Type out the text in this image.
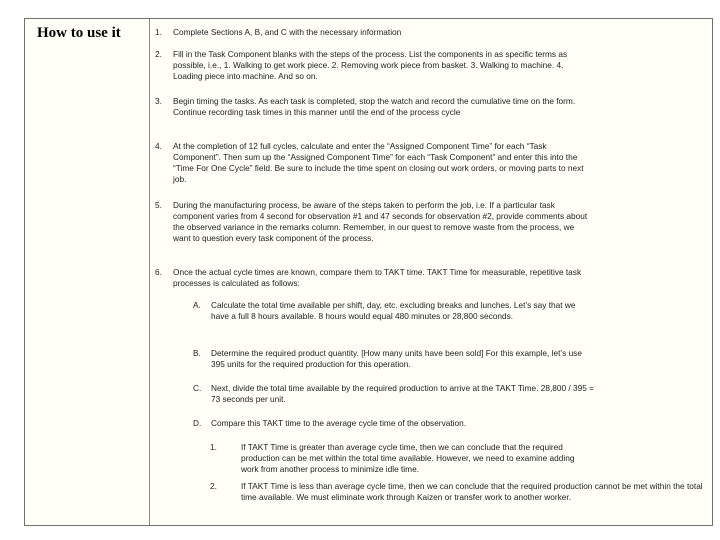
How to use it	1. Complete Sections A, B, and C with the necessary information
2. Fill in the Task Component blanks with the steps of the process. List the components in as specific terms as possible, i.e., 1. Walking to get work piece. 2. Removing work piece from basket. 3. Walking to machine. 4. Loading piece into machine. And so on.
3. Begin timing the tasks. As each task is completed, stop the watch and record the cumulative time on the form. Continue recording task times in this manner until the end of the process cycle
4. At the completion of 12 full cycles, calculate and enter the “Assigned Component Time” for each “Task Component”. Then sum up the “Assigned Component Time” for each “Task Component” and enter this into the “Time For One Cycle” field. Be sure to include the time spent on closing out work orders, or moving parts to next job.
5. During the manufacturing process, be aware of the steps taken to perform the job, i.e. If a particular task component varies from 4 second for observation #1 and 47 seconds for observation #2, provide comments about the observed variance in the remarks column. Remember, in our quest to remove waste from the process, we want to question every task component of the process.
6. Once the actual cycle times are known, compare them to TAKT time. TAKT Time for measurable, repetitive task processes is calculated as follows:
A. Calculate the total time available per shift, day, etc. excluding breaks and lunches. Let’s say that we have a full 8 hours available. 8 hours would equal 480 minutes or 28,800 seconds.
B. Determine the required product quantity. [How many units have been sold] For this example, let’s use 395 units for the required production for this operation.
C. Next, divide the total time available by the required production to arrive at the TAKT Time. 28,800 / 395 = 73 seconds per unit.
D. Compare this TAKT time to the average cycle time of the observation.
1.	If TAKT Time is greater than average cycle time, then we can conclude that the required production can be met within the total time available. However, we need to examine adding work from another process to minimize idle time.
2.	If TAKT Time is less than average cycle time, then we can conclude that the required production cannot be met within the total time available. We must eliminate work through Kaizen or transfer work to another worker.
